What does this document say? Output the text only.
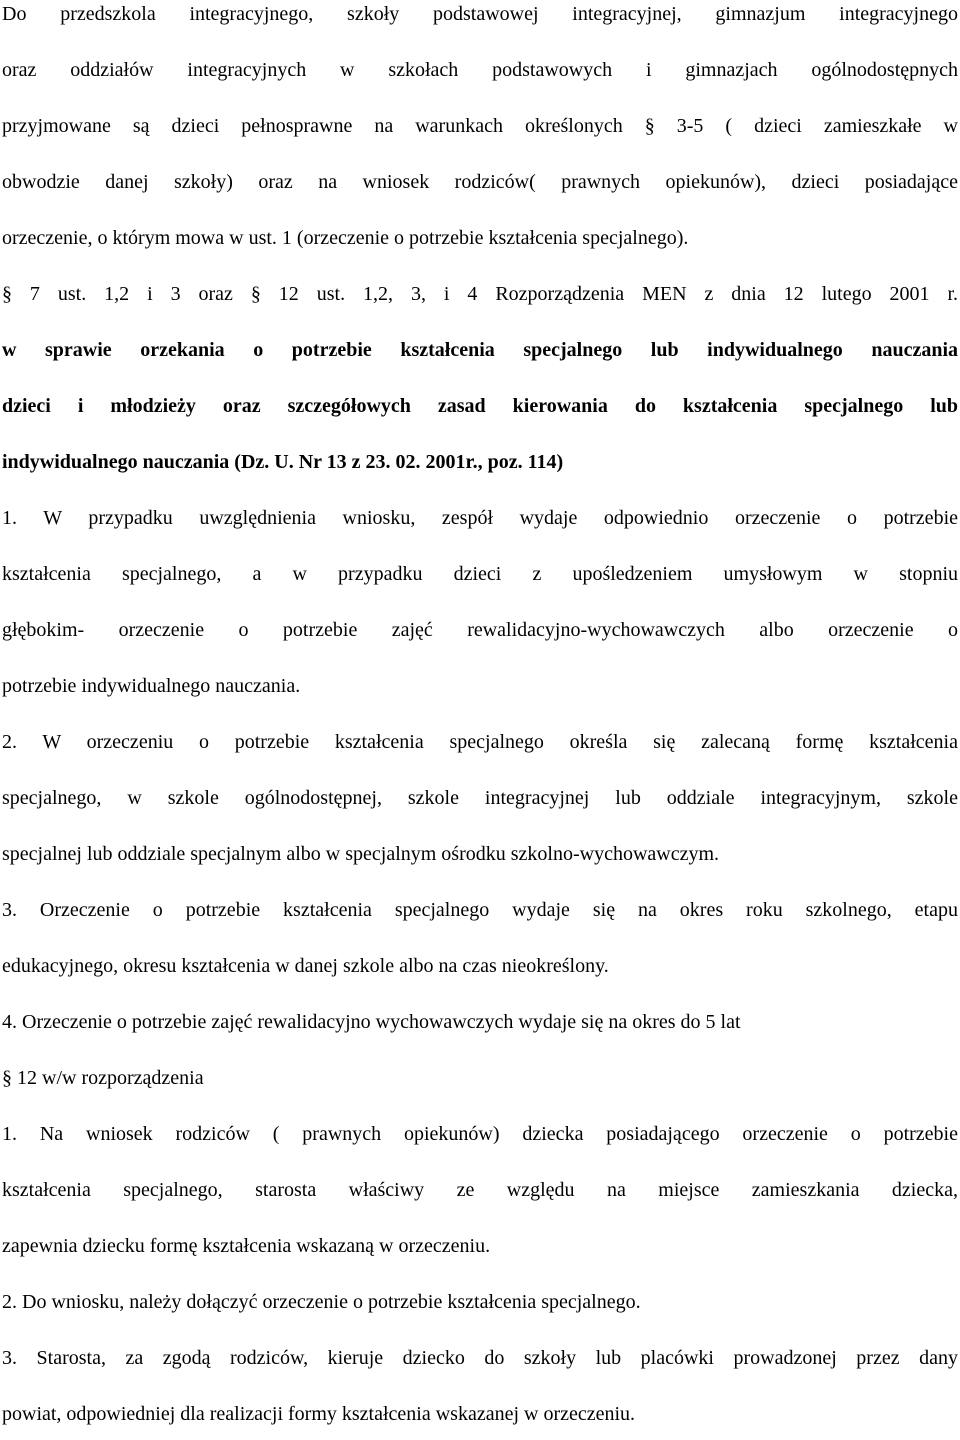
Do przedszkola integracyjnego, szkoły podstawowej integracyjnej, gimnazjum integracyjnego
oraz oddziałów integracyjnych w szkołach podstawowych i gimnazjach ogólnodostępnych
przyjmowane są dzieci pełnosprawne na warunkach określonych § 3-5 ( dzieci zamieszkałe w
obwodzie danej szkoły) oraz na wniosek rodziców( prawnych opiekunów), dzieci posiadające
orzeczenie, o którym mowa w ust. 1 (orzeczenie o potrzebie kształcenia specjalnego).
§ 7 ust. 1,2 i 3 oraz § 12 ust. 1,2, 3, i 4 Rozporządzenia MEN z dnia 12 lutego 2001 r.
w sprawie orzekania o potrzebie kształcenia specjalnego lub indywidualnego nauczania
dzieci i młodzieży oraz szczegółowych zasad kierowania do kształcenia specjalnego lub
indywidualnego nauczania (Dz. U. Nr 13 z 23. 02. 2001r., poz. 114)
1. W przypadku uwzględnienia wniosku, zespół wydaje odpowiednio orzeczenie o potrzebie
kształcenia specjalnego, a w przypadku dzieci z upośledzeniem umysłowym w stopniu
głębokim- orzeczenie o potrzebie zajęć rewalidacyjno-wychowawczych albo orzeczenie o
potrzebie indywidualnego nauczania.
2. W orzeczeniu o potrzebie kształcenia specjalnego określa się zalecaną formę kształcenia
specjalnego, w szkole ogólnodostępnej, szkole integracyjnej lub oddziale integracyjnym, szkole
specjalnej lub oddziale specjalnym albo w specjalnym ośrodku szkolno-wychowawczym.
3. Orzeczenie o potrzebie kształcenia specjalnego wydaje się na okres roku szkolnego, etapu
edukacyjnego, okresu kształcenia w danej szkole albo na czas nieokreślony.
4. Orzeczenie o potrzebie zajęć rewalidacyjno wychowawczych wydaje się na okres do 5 lat
§ 12 w/w rozporządzenia
1. Na wniosek rodziców ( prawnych opiekunów) dziecka posiadającego orzeczenie o potrzebie
kształcenia specjalnego, starosta właściwy ze względu na miejsce zamieszkania dziecka,
zapewnia dziecku formę kształcenia wskazaną w orzeczeniu.
2. Do wniosku, należy dołączyć orzeczenie o potrzebie kształcenia specjalnego.
3. Starosta, za zgodą rodziców, kieruje dziecko do szkoły lub placówki prowadzonej przez dany
powiat, odpowiedniej dla realizacji formy kształcenia wskazanej w orzeczeniu.
